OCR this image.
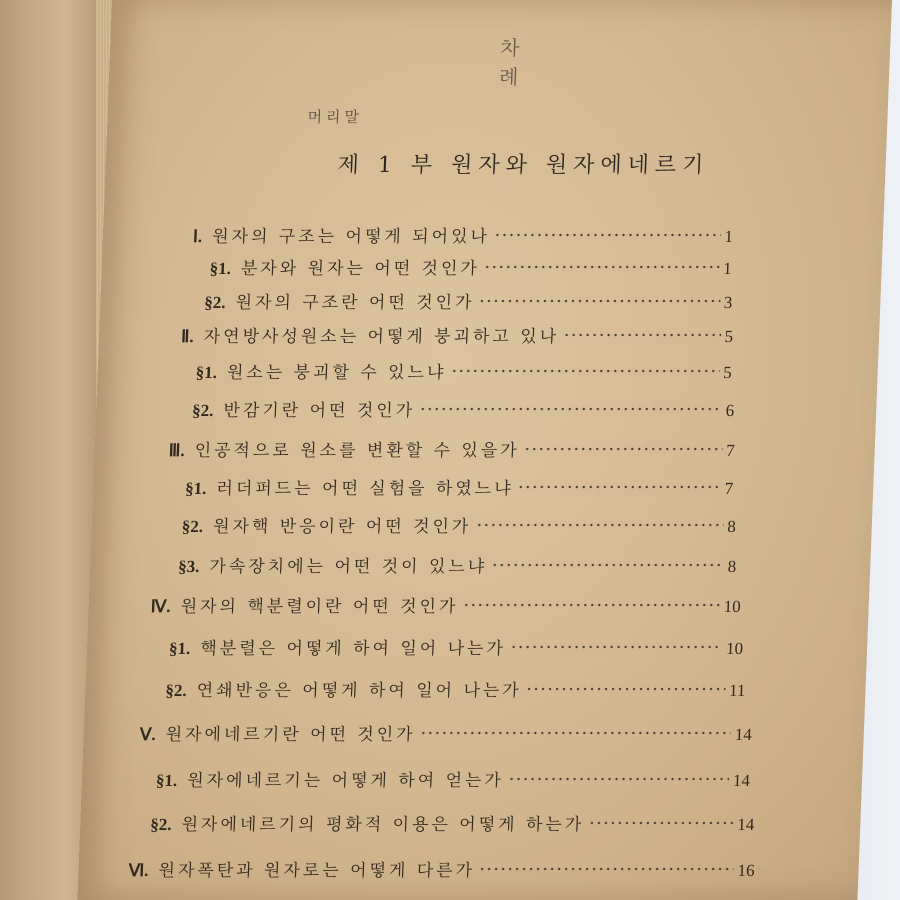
차 례
머리말
제 1 부 원자와 원자에네르기
Ⅰ. 원자의 구조는 어떻게 되어있나	1
§1. 분자와 원자는 어떤 것인가	1
§2. 원자의 구조란 어떤 것인가	3
Ⅱ. 자연방사성원소는 어떻게 붕괴하고 있나	5
§1. 원소는 붕괴할 수 있느냐	5
§2. 반감기란 어떤 것인가	6
Ⅲ. 인공적으로 원소를 변환할 수 있을가	7
§1. 러더퍼드는 어떤 실험을 하였느냐	7
§2. 원자핵 반응이란 어떤 것인가	8
§3. 가속장치에는 어떤 것이 있느냐	8
Ⅳ. 원자의 핵분렬이란 어떤 것인가	10
§1. 핵분렬은 어떻게 하여 일어 나는가	10
§2. 연쇄반응은 어떻게 하여 일어 나는가	11
Ⅴ. 원자에네르기란 어떤 것인가	14
§1. 원자에네르기는 어떻게 하여 얻는가	14
§2. 원자에네르기의 평화적 이용은 어떻게 하는가	14
Ⅵ. 원자폭탄과 원자로는 어떻게 다른가	16
